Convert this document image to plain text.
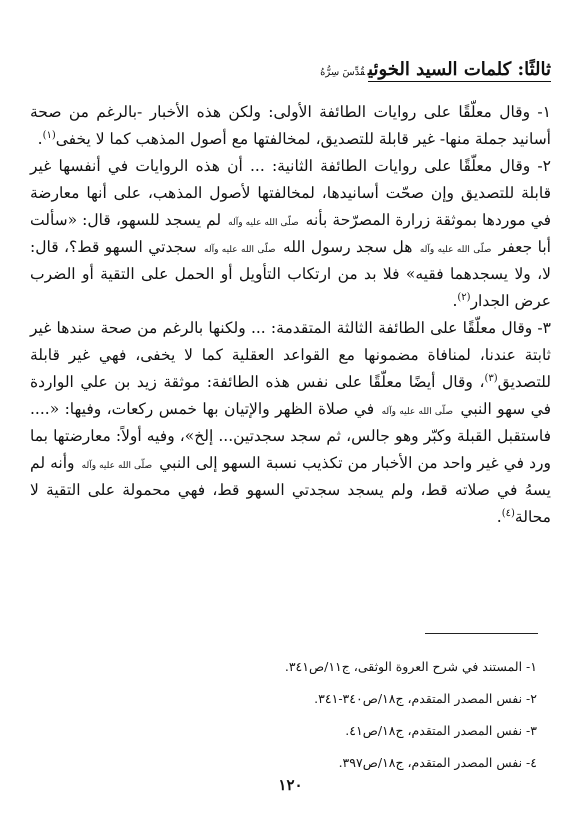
ثالثًا: كلمات السيد الخوئيقُدِّسَ سِرُّهُ

١- وقال معلّقًا على روايات الطائفة الأولى: ولكن هذه الأخبار -بالرغم من صحة أسانيد جملة منها- غير قابلة للتصديق، لمخالفتها مع أصول المذهب كما لا يخفى$^{(١)}$.

٢- وقال معلّقًا على روايات الطائفة الثانية: ... أن هذه الروايات في أنفسها غير قابلة للتصديق وإن صحّت أسانيدها، لمخالفتها لأصول المذهب، على أنها معارضة في موردها بموثقة زرارة المصرّحة بأنه صلّى الله عليه وآله لم يسجد للسهو، قال: «سألت أبا جعفر صلّى الله عليه وآله هل سجد رسول الله صلّى الله عليه وآله سجدتي السهو قط؟، قال: لا، ولا يسجدهما فقيه» فلا بد من ارتكاب التأويل أو الحمل على التقية أو الضرب عرض الجدار$^{(٢)}$.

٣- وقال معلّقًا على الطائفة الثالثة المتقدمة: ... ولكنها بالرغم من صحة سندها غير ثابتة عندنا، لمنافاة مضمونها مع القواعد العقلية كما لا يخفى، فهي غير قابلة للتصديق$^{(٣)}$، وقال أيضًا معلّقًا على نفس هذه الطائفة: موثقة زيد بن علي الواردة في سهو النبي صلّى الله عليه وآله في صلاة الظهر والإتيان بها خمس ركعات، وفيها: «.... فاستقبل القبلة وكبّر وهو جالس، ثم سجد سجدتين... إلخ»، وفيه أولاً: معارضتها بما ورد في غير واحد من الأخبار من تكذيب نسبة السهو إلى النبي صلّى الله عليه وآله وأنه لم يسهُ في صلاته قط، ولم يسجد سجدتي السهو قط، فهي محمولة على التقية لا محالة$^{(٤)}$.

١- المستند في شرح العروة الوثقى، ج١١/ص٣٤١.
٢- نفس المصدر المتقدم، ج١٨/ص٣٤٠-٣٤١.
٣- نفس المصدر المتقدم، ج١٨/ص٤١.
٤- نفس المصدر المتقدم، ج١٨/ص٣٩٧.
١٢٠
